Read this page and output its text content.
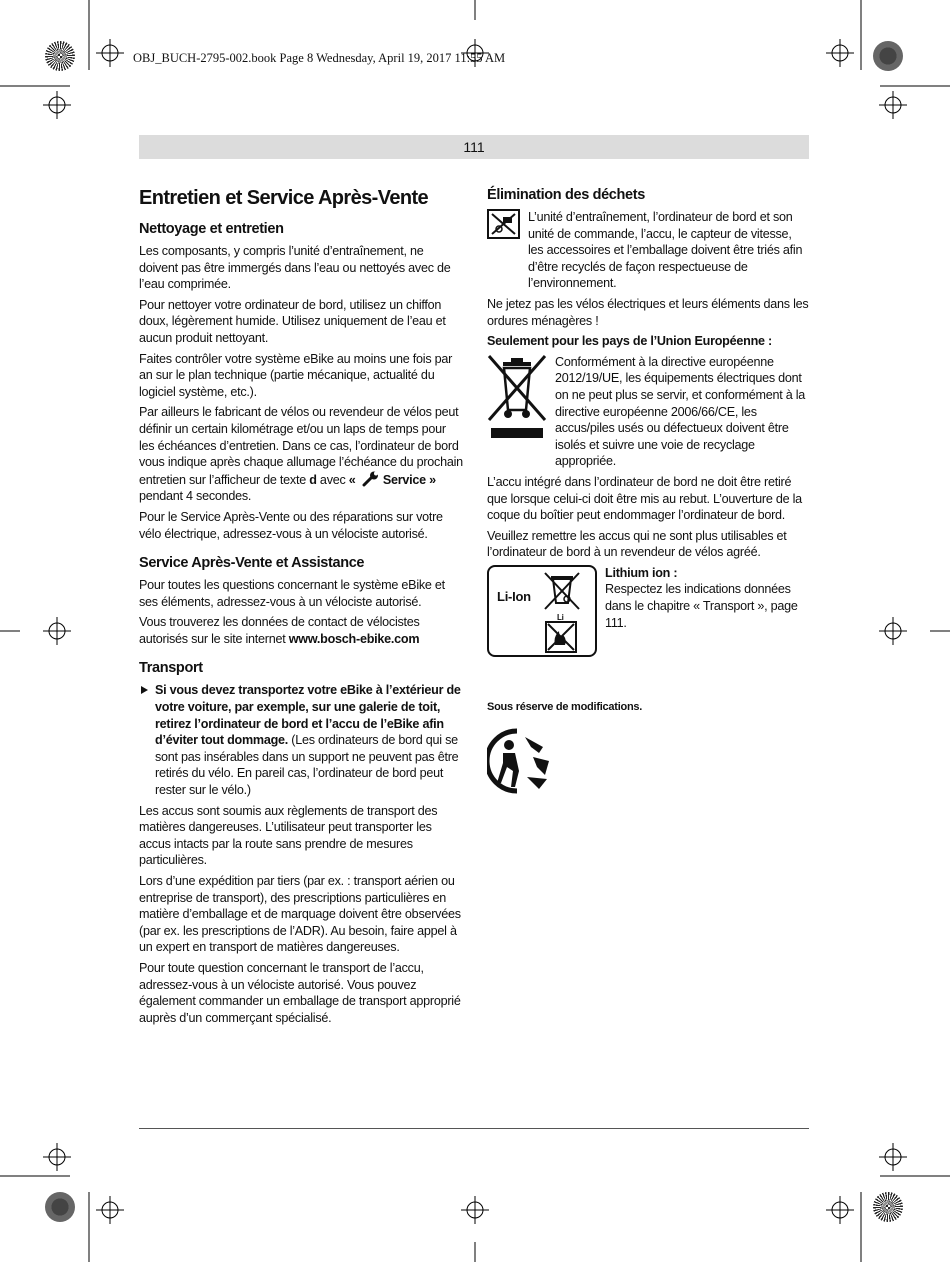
OBJ_BUCH-2795-002.book Page 8 Wednesday, April 19, 2017 11:55 AM
111
Entretien et Service Après-Vente
Nettoyage et entretien

Les composants, y compris l’unité d’entraînement, ne doivent pas être immergés dans l’eau ou nettoyés avec de l’eau comprimée.

Pour nettoyer votre ordinateur de bord, utilisez un chiffon doux, légèrement humide. Utilisez uniquement de l’eau et aucun produit nettoyant.

Faites contrôler votre système eBike au moins une fois par an sur le plan technique (partie mécanique, actualité du logiciel système, etc.).

Par ailleurs le fabricant de vélos ou revendeur de vélos peut définir un certain kilométrage et/ou un laps de temps pour les échéances d’entretien. Dans ce cas, l’ordinateur de bord vous indique après chaque allumage l’échéance du prochain entretien sur l’afficheur de texte d avec « Service » pendant 4 secondes.

Pour le Service Après-Vente ou des réparations sur votre vélo électrique, adressez-vous à un vélociste autorisé.

Service Après-Vente et Assistance

Pour toutes les questions concernant le système eBike et ses éléments, adressez-vous à un vélociste autorisé.

Vous trouverez les données de contact de vélocistes autorisés sur le site internet www.bosch-ebike.com

Transport
Si vous devez transportez votre eBike à l’extérieur de votre voiture, par exemple, sur une galerie de toit, retirez l’ordinateur de bord et l’accu de l’eBike afin d’éviter tout dommage. (Les ordinateurs de bord qui se sont pas insérables dans un support ne peuvent pas être retirés du vélo. En pareil cas, l’ordinateur de bord peut rester sur le vélo.)

Les accus sont soumis aux règlements de transport des matières dangereuses. L’utilisateur peut transporter les accus intacts par la route sans prendre de mesures particulières.

Lors d’une expédition par tiers (par ex. : transport aérien ou entreprise de transport), des prescriptions particulières en matière d’emballage et de marquage doivent être observées (par ex. les prescriptions de l’ADR). Au besoin, faire appel à un expert en transport de matières dangereuses.

Pour toute question concernant le transport de l’accu, adressez-vous à un vélociste autorisé. Vous pouvez également commander un emballage de transport approprié auprès d’un commerçant spécialisé.

Élimination des déchets

L’unité d’entraînement, l’ordinateur de bord et son unité de commande, l’accu, le capteur de vitesse, les accessoires et l’emballage doivent être triés afin d’être recyclés de façon respectueuse de l’environnement.

Ne jetez pas les vélos électriques et leurs éléments dans les ordures ménagères !

Seulement pour les pays de l’Union Européenne :

Conformément à la directive européenne 2012/19/UE, les équipements électriques dont on ne peut plus se servir, et conformément à la directive européenne 2006/66/CE, les accus/piles usés ou défectueux doivent être isolés et suivre une voie de recyclage appropriée.

L’accu intégré dans l’ordinateur de bord ne doit être retiré que lorsque celui-ci doit être mis au rebut. L’ouverture de la coque du boîtier peut endommager l’ordinateur de bord.

Veuillez remettre les accus qui ne sont plus utilisables et l’ordinateur de bord à un revendeur de vélos agréé.

Li-Ion
Li
Lithium ion :
Respectez les indications données dans le chapitre « Transport », page 111.
Sous réserve de modifications.
